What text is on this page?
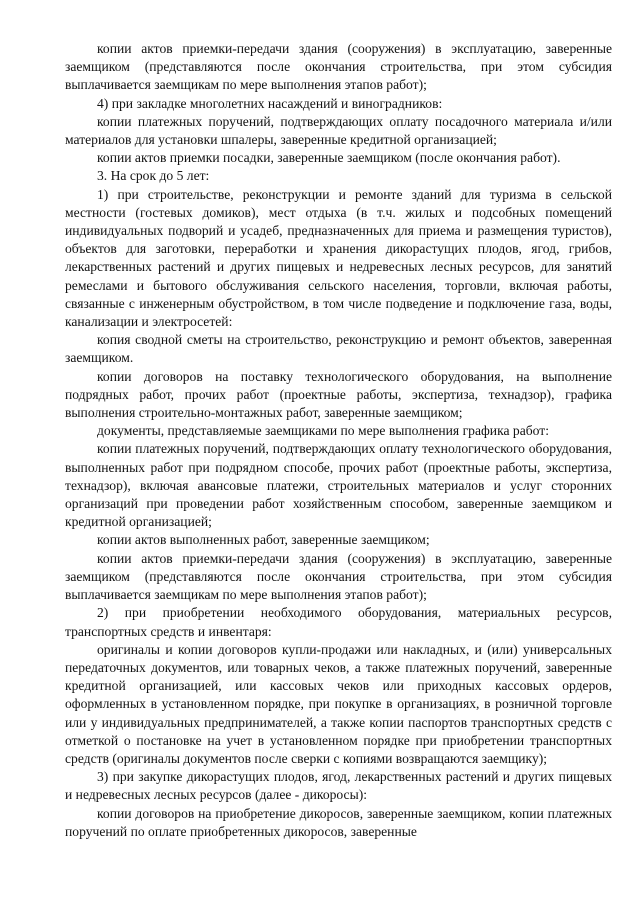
копии актов приемки-передачи здания (сооружения) в эксплуатацию, заверенные заемщиком (представляются после окончания строительства, при этом субсидия выплачивается заемщикам по мере выполнения этапов работ);

4) при закладке многолетних насаждений и виноградников:

копии платежных поручений, подтверждающих оплату посадочного материала и/или материалов для установки шпалеры, заверенные кредитной организацией;

копии актов приемки посадки, заверенные заемщиком (после окончания работ).

3. На срок до 5 лет:

1) при строительстве, реконструкции и ремонте зданий для туризма в сельской местности (гостевых домиков), мест отдыха (в т.ч. жилых и подсобных помещений индивидуальных подворий и усадеб, предназначенных для приема и размещения туристов), объектов для заготовки, переработки и хранения дикорастущих плодов, ягод, грибов, лекарственных растений и других пищевых и недревесных лесных ресурсов, для занятий ремеслами и бытового обслуживания сельского населения, торговли, включая работы, связанные с инженерным обустройством, в том числе подведение и подключение газа, воды, канализации и электросетей:

копия сводной сметы на строительство, реконструкцию и ремонт объектов, заверенная заемщиком.

копии договоров на поставку технологического оборудования, на выполнение подрядных работ, прочих работ (проектные работы, экспертиза, технадзор), графика выполнения строительно-монтажных работ, заверенные заемщиком;

документы, представляемые заемщиками по мере выполнения графика работ:

копии платежных поручений, подтверждающих оплату технологического оборудования, выполненных работ при подрядном способе, прочих работ (проектные работы, экспертиза, технадзор), включая авансовые платежи, строительных материалов и услуг сторонних организаций при проведении работ хозяйственным способом, заверенные заемщиком и кредитной организацией;

копии актов выполненных работ, заверенные заемщиком;

копии актов приемки-передачи здания (сооружения) в эксплуатацию, заверенные заемщиком (представляются после окончания строительства, при этом субсидия выплачивается заемщикам по мере выполнения этапов работ);

2) при приобретении необходимого оборудования, материальных ресурсов, транспортных средств и инвентаря:

оригиналы и копии договоров купли-продажи или накладных, и (или) универсальных передаточных документов, или товарных чеков, а также платежных поручений, заверенные кредитной организацией, или кассовых чеков или приходных кассовых ордеров, оформленных в установленном порядке, при покупке в организациях, в розничной торговле или у индивидуальных предпринимателей, а также копии паспортов транспортных средств с отметкой о постановке на учет в установленном порядке при приобретении транспортных средств (оригиналы документов после сверки с копиями возвращаются заемщику);

3) при закупке дикорастущих плодов, ягод, лекарственных растений и других пищевых и недревесных лесных ресурсов (далее - дикоросы):

копии договоров на приобретение дикоросов, заверенные заемщиком, копии платежных поручений по оплате приобретенных дикоросов, заверенные
